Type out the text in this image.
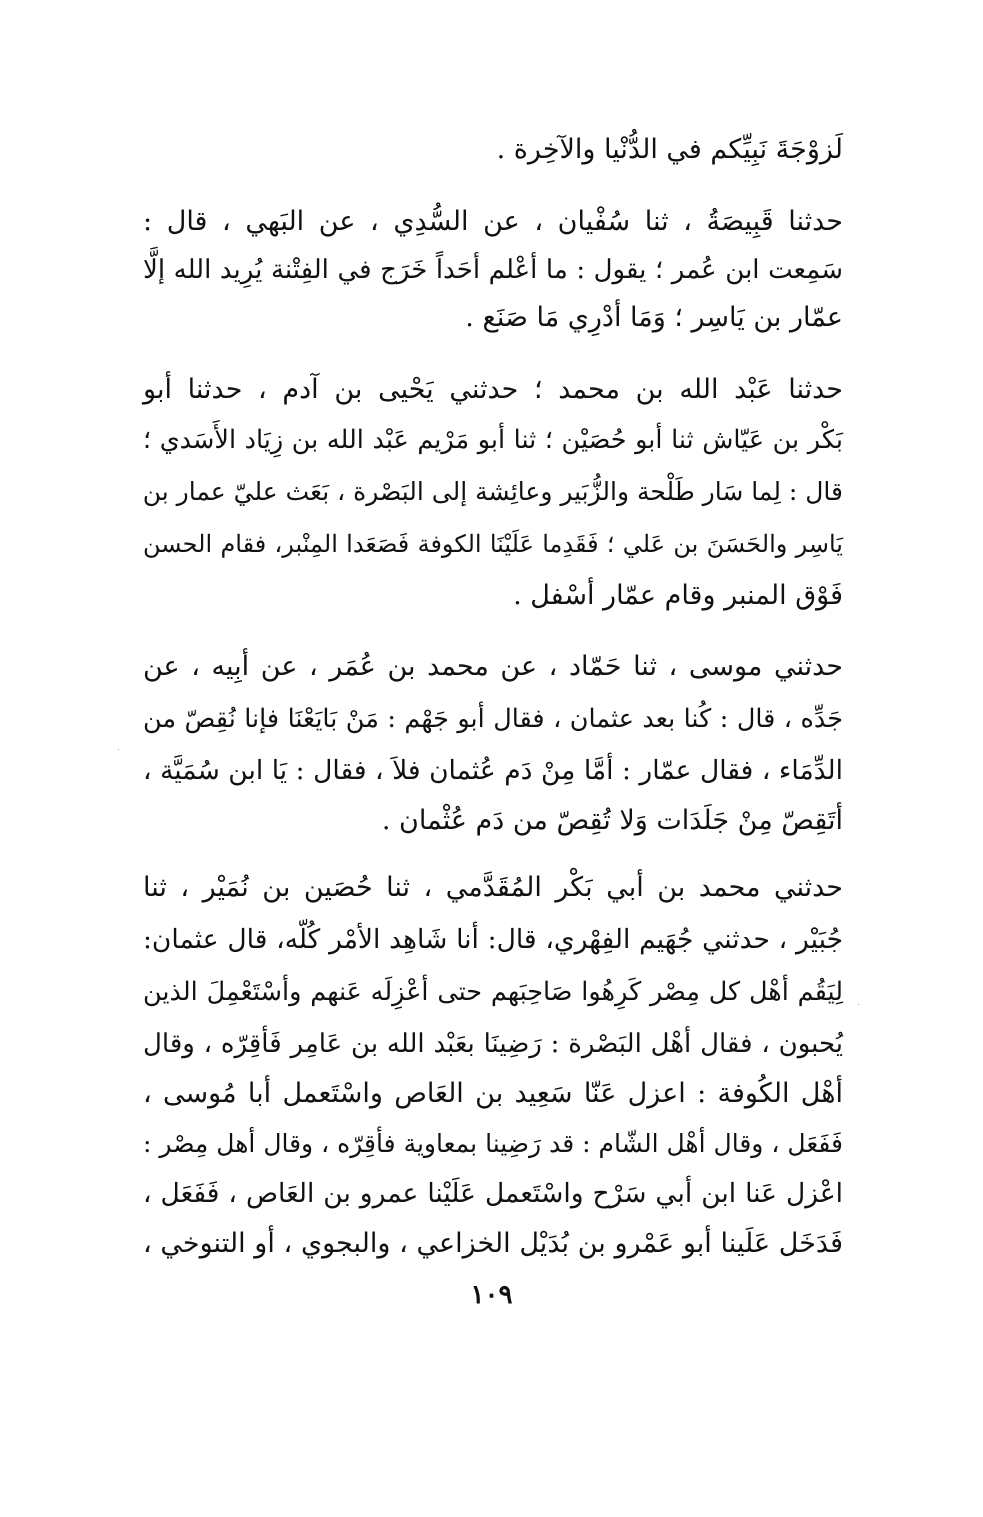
لَزوْجَةَ نَبِيِّكم في الدُّنْيا والآخِرة .
حدثنا قَبِيصَةُ ، ثنا سُفْيان ، عن السُّدِي ، عن البَهي ، قال :
سَمِعت ابن عُمر ؛ يقول : ما أعْلم أحَداً خَرَج في الفِتْنة يُرِيد الله إلَّا
عمّار بن يَاسِر ؛ وَمَا أدْرِي مَا صَنَع .
حدثنا عَبْد الله بن محمد ؛ حدثني يَحْيى بن آدم ، حدثنا أبو
بَكْر بن عَيّاش ثنا أبو حُصَيْن ؛ ثنا أبو مَرْيم عَبْد الله بن زِيَاد الأَسَدي ؛
قال : لِما سَار طَلْحة والزُّبَير وعائِشة إلى البَصْرة ، بَعَث عليّ عمار بن
يَاسِر والحَسَنَ بن عَلي ؛ فَقَدِما عَلَيْنَا الكوفة فَصَعَدا المِنْبر، فقام الحسن
فَوْق المنبر وقام عمّار أسْفل .
حدثني موسى ، ثنا حَمّاد ، عن محمد بن عُمَر ، عن أبِيه ، عن
جَدِّه ، قال : كُنا بعد عثمان ، فقال أبو جَهْم : مَنْ بَايَعْنَا فإنا نُقِصّ من
الدِّمَاء ، فقال عمّار : أمَّا مِنْ دَم عُثمان فلاَ ، فقال : يَا ابن سُمَيَّة ،
أتَقِصّ مِنْ جَلَدَات وَلا تُقِصّ من دَم عُثْمان .
حدثني محمد بن أبي بَكْر المُقَدَّمي ، ثنا حُصَين بن نُمَيْر ، ثنا
جُبَيْر ، حدثني جُهَيم الفِهْري، قال: أنا شَاهِد الأمْر كُلّه، قال عثمان:
لِيَقُم أهْل كل مِصْر كَرِهُوا صَاحِبَهم حتى أعْزِلَه عَنهم وأسْتَعْمِلَ الذين
يُحبون ، فقال أهْل البَصْرة : رَضِينَا بعَبْد الله بن عَامِر فَأقِرّه ، وقال
أهْل الكُوفة : اعزل عَنّا سَعِيد بن العَاص واسْتَعمل أبا مُوسى ،
فَفَعَل ، وقال أهْل الشّام : قد رَضِينا بمعاوية فأقِرّه ، وقال أهل مِصْر :
اعْزل عَنا ابن أبي سَرْح واسْتَعمل عَلَيْنا عمرو بن العَاص ، فَفَعَل ،
فَدَخَل عَلَينا أبو عَمْرو بن بُدَيْل الخزاعي ، والبجوي ، أو التنوخي ،
١٠٩
